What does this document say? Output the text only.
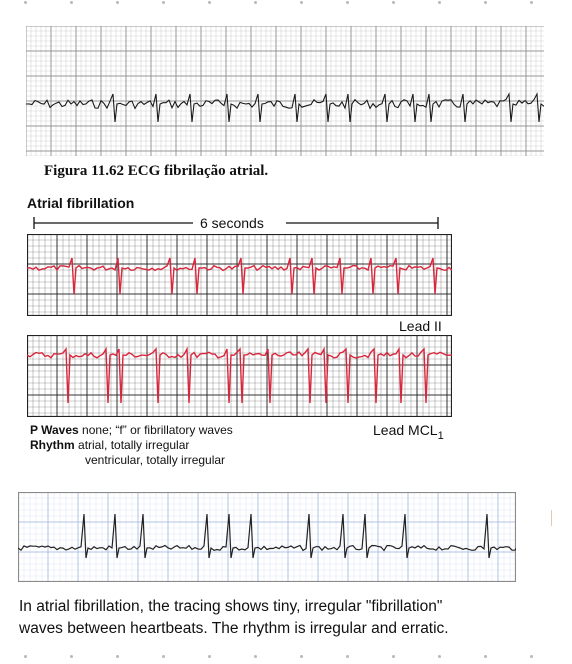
Figura 11.62 ECG fibrilação atrial.
Atrial fibrillation
6 seconds
Lead II
P Waves none; “f” or fibrillatory waves
Rhythm atrial, totally irregular
ventricular, totally irregular
Lead $MCL_1$
In atrial fibrillation, the tracing shows tiny, irregular "fibrillation"
waves between heartbeats. The rhythm is irregular and erratic.
